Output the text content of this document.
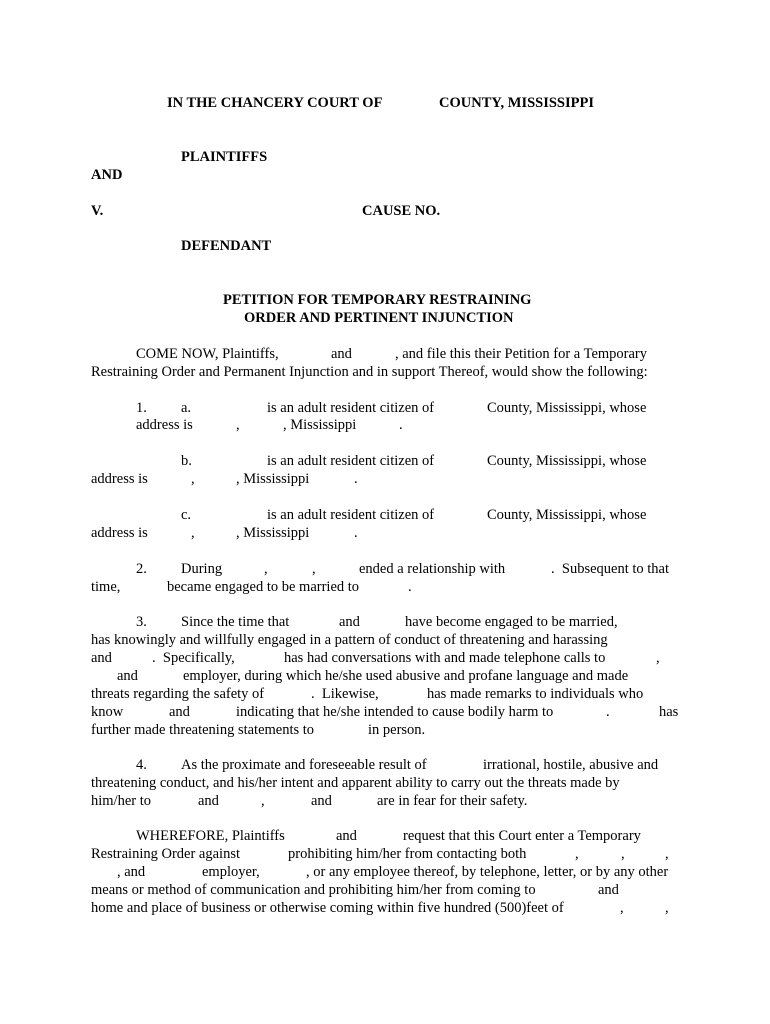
IN THE CHANCERY COURT OF	COUNTY, MISSISSIPPI
PLAINTIFFS
AND
V.	CAUSE NO.
DEFENDANT
PETITION FOR TEMPORARY RESTRAINING
ORDER AND PERTINENT INJUNCTION
COME NOW, Plaintiffs,	and	, and file this their Petition for a Temporary
Restraining Order and Permanent Injunction and in support Thereof, would show the following:
1. a.	is an adult resident citizen of	County, Mississippi, whose
address is	,	, Mississippi	.
b.	is an adult resident citizen of	County, Mississippi, whose
address is	,	, Mississippi	.
c.	is an adult resident citizen of	County, Mississippi, whose
address is	,	, Mississippi	.
2. During	,	,	ended a relationship with	.  Subsequent to that
time,	became engaged to be married to	.
3. Since the time that	and	have become engaged to be married,
has knowingly and willfully engaged in a pattern of conduct of threatening and harassing
and	.  Specifically,	has had conversations with and made telephone calls to	,
and	employer, during which he/she used abusive and profane language and made
threats regarding the safety of	.  Likewise,	has made remarks to individuals who
know	and	indicating that he/she intended to cause bodily harm to	.	has
further made threatening statements to	in person.
4. As the proximate and foreseeable result of	irrational, hostile, abusive and
threatening conduct, and his/her intent and apparent ability to carry out the threats made by
him/her to	and	,	and	are in fear for their safety.
WHEREFORE, Plaintiffs	and	request that this Court enter a Temporary
Restraining Order against	prohibiting him/her from contacting both	,	,	,
, and	employer,	, or any employee thereof, by telephone, letter, or by any other
means or method of communication and prohibiting him/her from coming to	and
home and place of business or otherwise coming within five hundred (500)feet of	,	,
